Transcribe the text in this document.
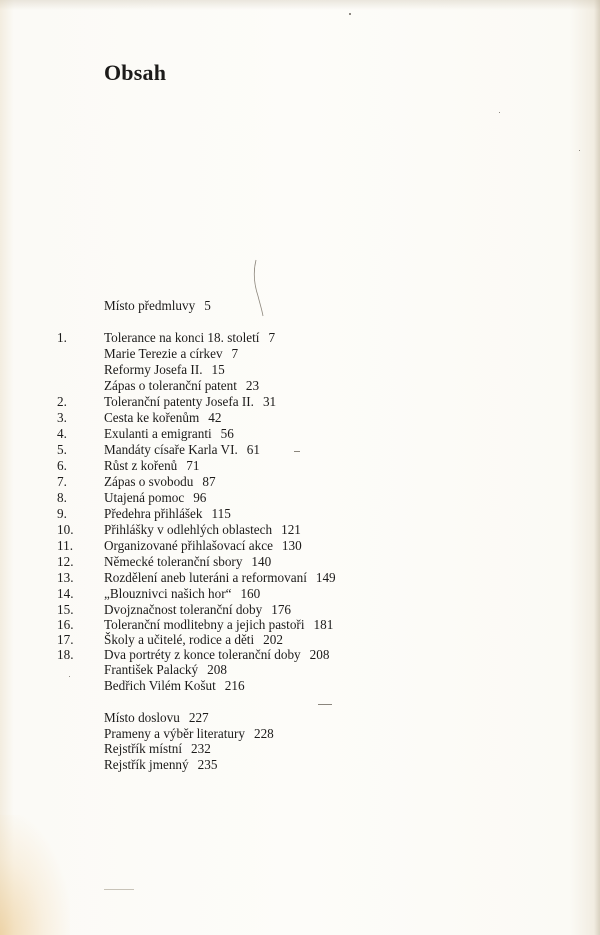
Obsah
Místo předmluvy 5
1.	Tolerance na konci 18. století 7
Marie Terezie a církev 7
Reformy Josefa II. 15
Zápas o toleranční patent 23
2.	Toleranční patenty Josefa II. 31
3.	Cesta ke kořenům 42
4.	Exulanti a emigranti 56
5.	Mandáty císaře Karla VI. 61
6.	Růst z kořenů 71
7.	Zápas o svobodu 87
8.	Utajená pomoc 96
9.	Předehra přihlášek 115
10.	Přihlášky v odlehlých oblastech 121
11.	Organizované přihlašovací akce 130
12.	Německé toleranční sbory 140
13.	Rozdělení aneb luteráni a reformovaní 149
14.	„Blouznivci našich hor“ 160
15.	Dvojznačnost toleranční doby 176
16.	Toleranční modlitebny a jejich pastoři 181
17.	Školy a učitelé, rodice a děti 202
18.	Dva portréty z konce toleranční doby 208
František Palacký 208
Bedřich Vilém Košut 216
Místo doslovu 227
Prameny a výběr literatury 228
Rejstřík místní 232
Rejstřík jmenný 235
